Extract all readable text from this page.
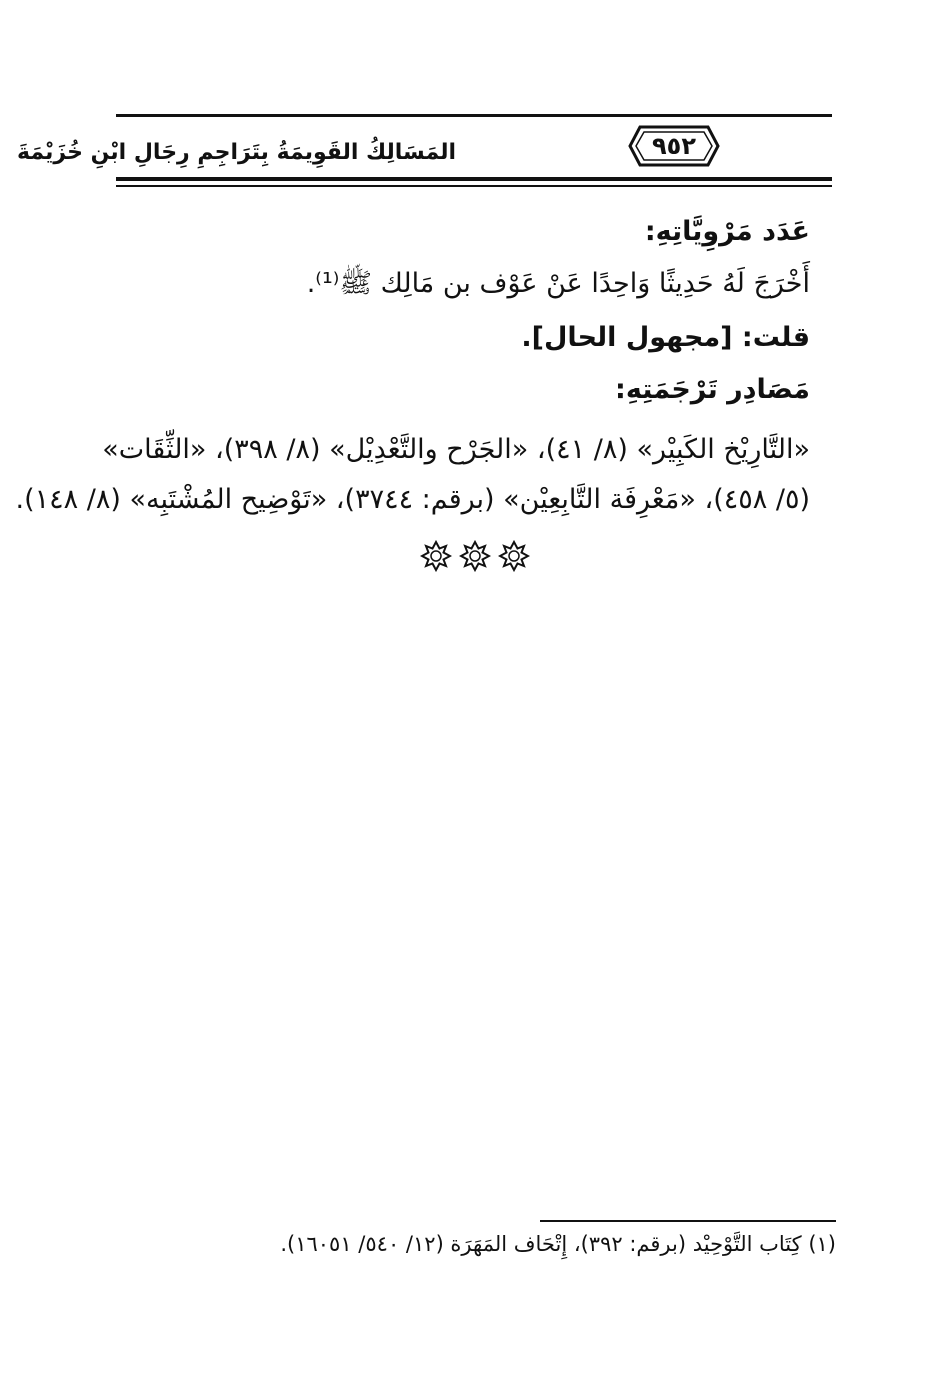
المَسَالِكُ القَوِيمَةُ بِتَرَاجِمِ رِجَالِ ابْنِ خُزَيْمَةَ	٩٥٢
عَدَد مَرْوِيَّاتِهِ:
أَخْرَجَ لَهُ حَدِيثًا وَاحِدًا عَنْ عَوْف بن مَالِك ﷺ⁽¹⁾.
قلت: [مجهول الحال].
مَصَادِر تَرْجَمَتِهِ:
«التَّارِيْخ الكَبِيْر» (٨/ ٤١)، «الجَرْح والتَّعْدِيْل» (٨/ ٣٩٨)، «الثِّقَات»
(٥/ ٤٥٨)، «مَعْرِفَة التَّابِعِيْن» (برقم: ٣٧٤٤)، «تَوْضِيح المُشْتَبِه» (٨/ ١٤٨).
(١) كِتَاب التَّوْحِيْد (برقم: ٣٩٢)، إِتْحَاف المَهَرَة (١٢/ ٥٤٠/ ١٦٠٥١).
